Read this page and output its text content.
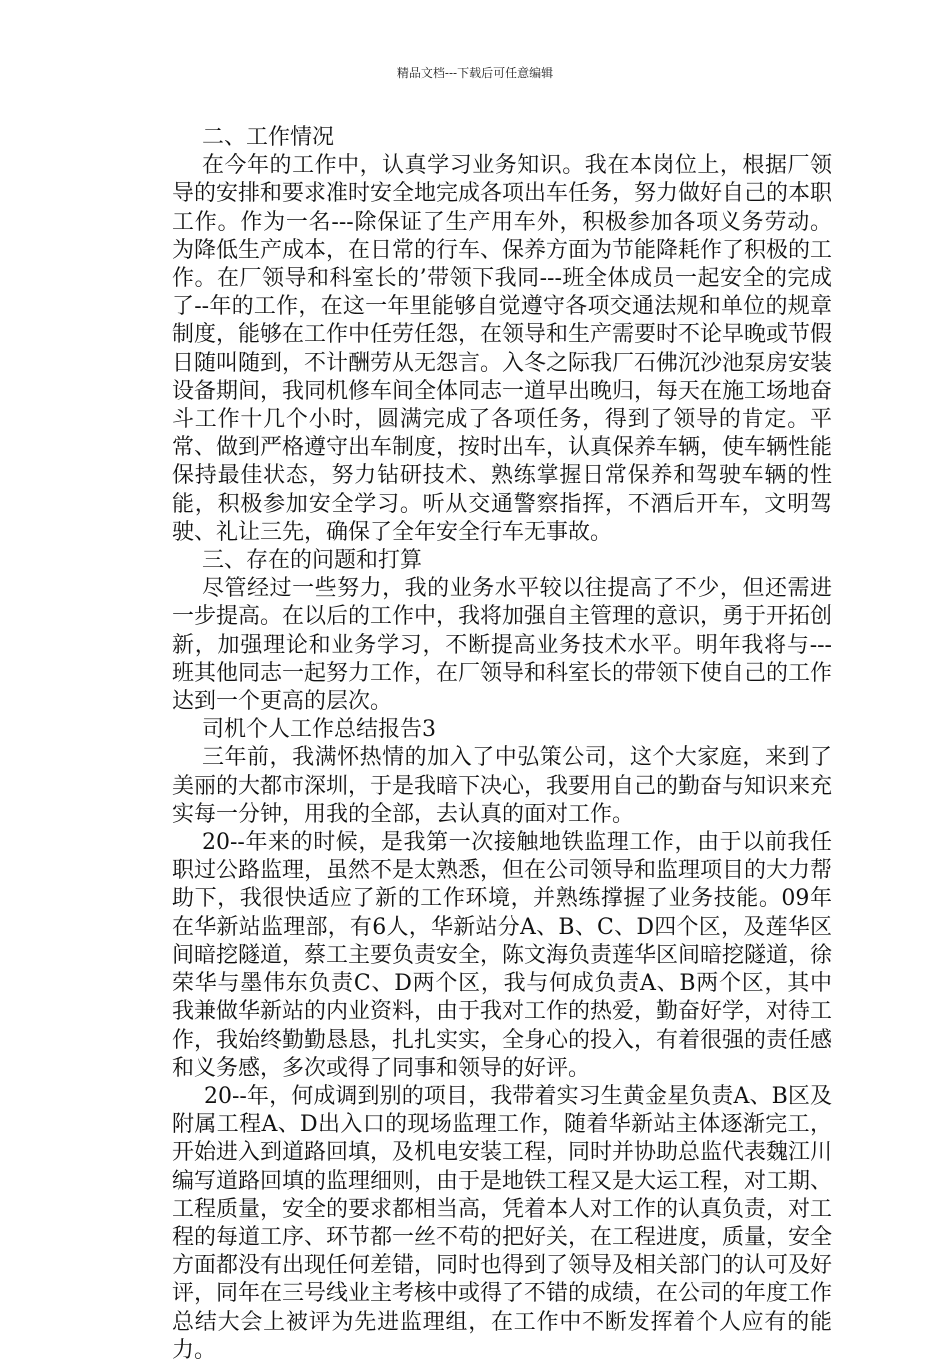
精品文档---下载后可任意编辑

二、工作情况

在今年的工作中，认真学习业务知识。我在本岗位上，根据厂领导的安排和要求准时安全地完成各项出车任务，努力做好自己的本职工作。作为一名---除保证了生产用车外，积极参加各项义务劳动。为降低生产成本，在日常的行车、保养方面为节能降耗作了积极的工作。在厂领导和科室长的’带领下我同---班全体成员一起安全的完成了--年的工作，在这一年里能够自觉遵守各项交通法规和单位的规章制度，能够在工作中任劳任怨，在领导和生产需要时不论早晚或节假日随叫随到，不计酬劳从无怨言。入冬之际我厂石佛沉沙池泵房安装设备期间，我同机修车间全体同志一道早出晚归，每天在施工场地奋斗工作十几个小时，圆满完成了各项任务，得到了领导的肯定。平常、做到严格遵守出车制度，按时出车，认真保养车辆，使车辆性能保持最佳状态，努力钻研技术、熟练掌握日常保养和驾驶车辆的性能，积极参加安全学习。听从交通警察指挥，不酒后开车，文明驾驶、礼让三先，确保了全年安全行车无事故。

三、存在的问题和打算

尽管经过一些努力，我的业务水平较以往提高了不少，但还需进一步提高。在以后的工作中，我将加强自主管理的意识，勇于开拓创新，加强理论和业务学习，不断提高业务技术水平。明年我将与---班其他同志一起努力工作，在厂领导和科室长的带领下使自己的工作达到一个更高的层次。

司机个人工作总结报告3

三年前，我满怀热情的加入了中弘策公司，这个大家庭，来到了美丽的大都市深圳，于是我暗下决心，我要用自己的勤奋与知识来充实每一分钟，用我的全部，去认真的面对工作。

20--年来的时候，是我第一次接触地铁监理工作，由于以前我任职过公路监理，虽然不是太熟悉，但在公司领导和监理项目的大力帮助下，我很快适应了新的工作环境，并熟练撑握了业务技能。09年在华新站监理部，有6人，华新站分A、B、C、D四个区，及莲华区间暗挖隧道，蔡工主要负责安全，陈文海负责莲华区间暗挖隧道，徐荣华与墨伟东负责C、D两个区，我与何成负责A、B两个区，其中我兼做华新站的内业资料，由于我对工作的热爱，勤奋好学，对待工作，我始终勤勤恳恳，扎扎实实，全身心的投入，有着很强的责任感和义务感，多次或得了同事和领导的好评。

20--年，何成调到别的项目，我带着实习生黄金星负责A、B区及附属工程A、D出入口的现场监理工作，随着华新站主体逐渐完工，开始进入到道路回填，及机电安装工程，同时并协助总监代表魏江川编写道路回填的监理细则，由于是地铁工程又是大运工程，对工期、工程质量，安全的要求都相当高，凭着本人对工作的认真负责，对工程的每道工序、环节都一丝不苟的把好关，在工程进度，质量，安全方面都没有出现任何差错，同时也得到了领导及相关部门的认可及好评，同年在三号线业主考核中或得了不错的成绩，在公司的年度工作总结大会上被评为先进监理组，在工作中不断发挥着个人应有的能力。
